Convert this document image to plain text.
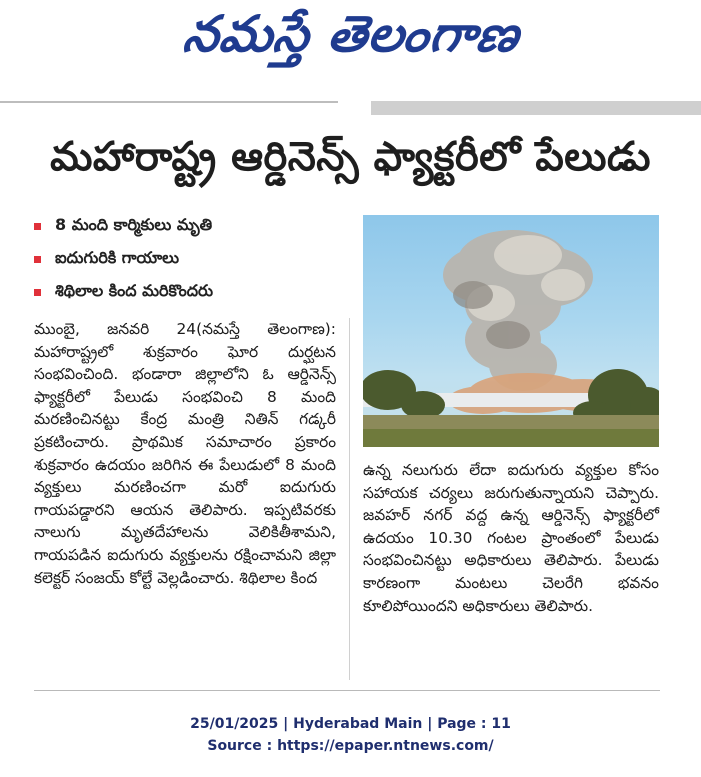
నమస్తే తెలంగాణ
మహారాష్ట్ర ఆర్డినెన్స్ ఫ్యాక్టరీలో పేలుడు
8 మంది కార్మికులు మృతి
ఐదుగురికి గాయాలు
శిథిలాల కింద మరికొందరు

ముంబై, జనవరి 24(నమస్తే తెలంగాణ): మహారాష్ట్రలో శుక్రవారం ఘోర దుర్ఘటన సంభవించింది. భండారా జిల్లాలోని ఓ ఆర్డినెన్స్ ఫ్యాక్టరీలో పేలుడు సంభవించి 8 మంది మరణించినట్టు కేంద్ర మంత్రి నితిన్ గడ్కరీ ప్రకటించారు. ప్రాథమిక సమాచారం ప్రకారం శుక్రవారం ఉదయం జరిగిన ఈ పేలుడులో 8 మంది వ్యక్తులు మరణించగా మరో ఐదుగురు గాయపడ్డారని ఆయన తెలిపారు. ఇప్పటివరకు నాలుగు మృతదేహాలను వెలికితీశామని, గాయపడిన ఐదుగురు వ్యక్తులను రక్షించామని జిల్లా కలెక్టర్ సంజయ్ కోల్టే వెల్లడించారు. శిథిలాల కింద

ఉన్న నలుగురు లేదా ఐదుగురు వ్యక్తుల కోసం సహాయక చర్యలు జరుగుతున్నాయని చెప్పారు. జవహర్ నగర్ వద్ద ఉన్న ఆర్డినెన్స్ ఫ్యాక్టరీలో ఉదయం 10.30 గంటల ప్రాంతంలో పేలుడు సంభవించినట్టు అధికారులు తెలిపారు. పేలుడు కారణంగా మంటలు చెలరేగి భవనం కూలిపోయిందని అధికారులు తెలిపారు.

25/01/2025 | Hyderabad Main | Page : 11
Source : https://epaper.ntnews.com/
